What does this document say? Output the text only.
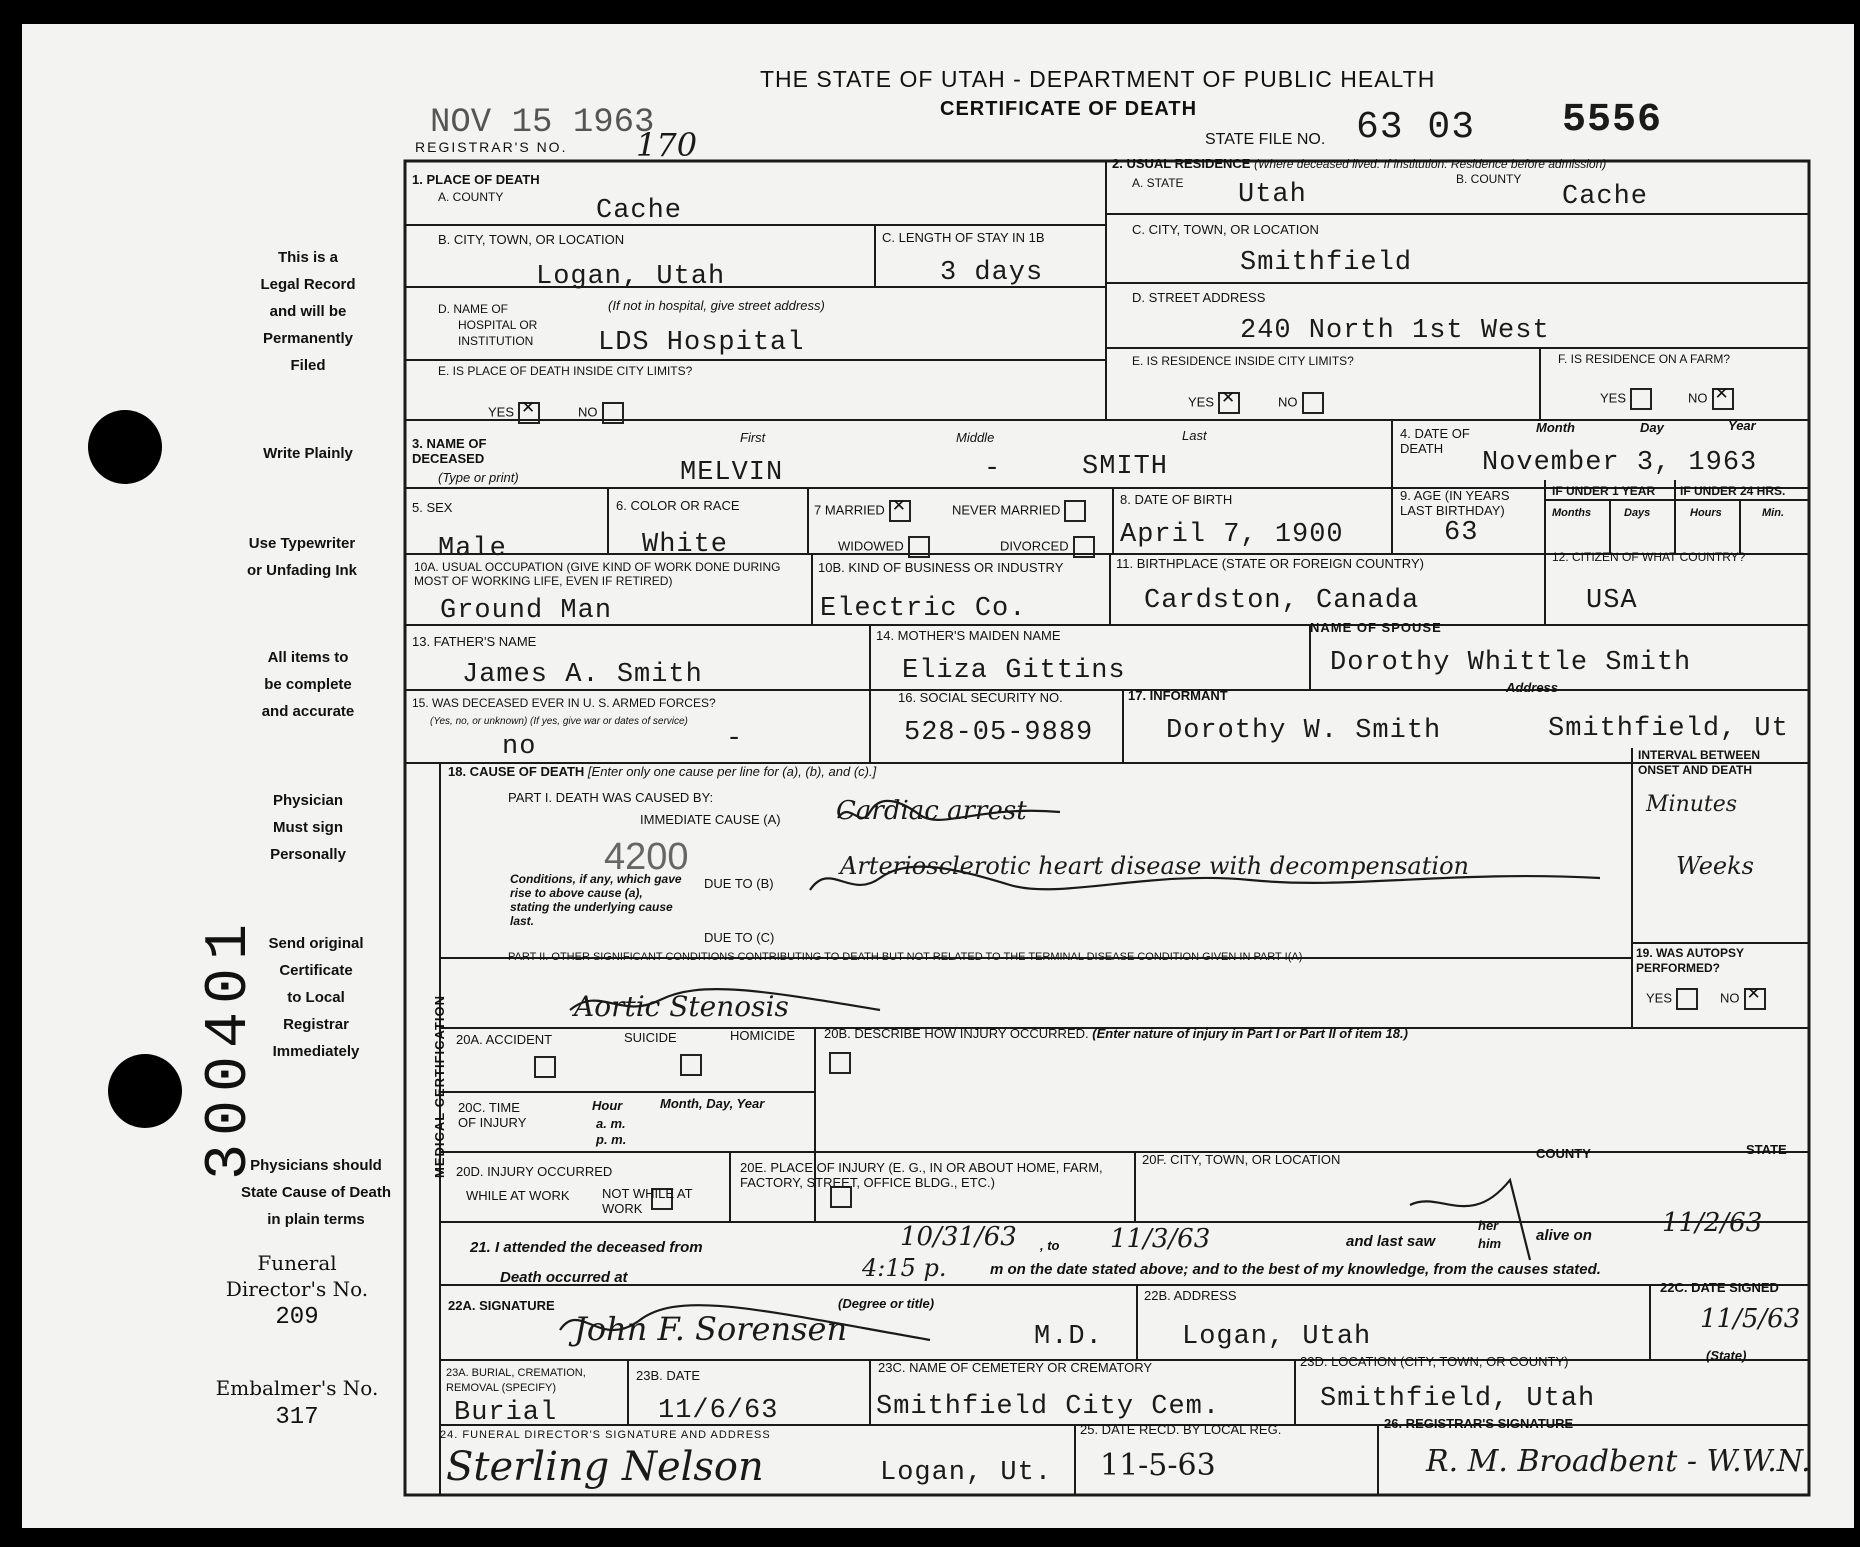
300401
THE STATE OF UTAH - DEPARTMENT OF PUBLIC HEALTH
CERTIFICATE OF DEATH
NOV 15 1963
REGISTRAR'S NO. 170	STATE FILE NO. 63 03 5556
This is a
Legal Record
and will be
Permanently
Filed
Write Plainly
Use Typewriter
or Unfading Ink
All items to
be complete
and accurate
Physician
Must sign
Personally
Send original
Certificate
to Local
Registrar
Immediately
Physicians should
State Cause of Death
in plain terms
Funeral
Director's No.
209
Embalmer's No.
317
1. PLACE OF DEATH
A. COUNTY	Cache
B. CITY, TOWN, OR LOCATION
Logan, Utah
C. LENGTH OF STAY IN 1B
3 days
D. NAME OF
HOSPITAL OR
INSTITUTION
(If not in hospital, give street address)
LDS Hospital
E. IS PLACE OF DEATH INSIDE CITY LIMITS?
YES ✕	NO
2. USUAL RESIDENCE (Where deceased lived. If institution: Residence before admission)
A. STATE Utah
B. COUNTY
Cache
C. CITY, TOWN, OR LOCATION
Smithfield
D. STREET ADDRESS
240 North 1st West
E. IS RESIDENCE INSIDE CITY LIMITS?
YES ✕	NO
F. IS RESIDENCE ON A FARM?
YES	NO✕
3. NAME OF DECEASED
(Type or print)
First	Middle	Last
MELVIN	-	SMITH
4. DATE OF DEATH
Month	Day	Year
November 3, 1963
5. SEX
Male
6. COLOR OR RACE
White
7 MARRIED ✕	NEVER MARRIED
WIDOWED	DIVORCED
8. DATE OF BIRTH
April 7, 1900
9. AGE (IN YEARS LAST BIRTHDAY)
63
IF UNDER 1 YEAR IF UNDER 24 HRS.
Months	Days	Hours	Min.
10A. USUAL OCCUPATION (GIVE KIND OF WORK DONE DURING MOST OF WORKING LIFE, EVEN IF RETIRED)
Ground Man
10B. KIND OF BUSINESS OR INDUSTRY
Electric Co.
11. BIRTHPLACE (STATE OR FOREIGN COUNTRY)
Cardston, Canada
12. CITIZEN OF WHAT COUNTRY?
USA
13. FATHER'S NAME
James A. Smith
14. MOTHER'S MAIDEN NAME
Eliza Gittins
NAME OF SPOUSE
Dorothy Whittle Smith
15. WAS DECEASED EVER IN U. S. ARMED FORCES?
(Yes, no, or unknown) (If yes, give war or dates of service)
no	-
16. SOCIAL SECURITY NO.
528-05-9889
17. INFORMANT
Address
Dorothy W. Smith	Smithfield, Ut
MEDICAL CERTIFICATION
18. CAUSE OF DEATH [Enter only one cause per line for (a), (b), and (c).]
PART I. DEATH WAS CAUSED BY:
IMMEDIATE CAUSE (A) Cardiac arrest
4200
Conditions, if any, which gave rise to above cause (a), stating the underlying cause last.
DUE TO (B)
Arteriosclerotic heart disease with decompensation
DUE TO (C)
PART II. OTHER SIGNIFICANT CONDITIONS CONTRIBUTING TO DEATH BUT NOT RELATED TO THE TERMINAL DISEASE CONDITION GIVEN IN PART I(A)
Aortic Stenosis
INTERVAL BETWEEN ONSET AND DEATH
Minutes
Weeks
19. WAS AUTOPSY PERFORMED?
YES	NO✕
20A. ACCIDENT	SUICIDE	HOMICIDE
20B. DESCRIBE HOW INJURY OCCURRED. (Enter nature of injury in Part I or Part II of item 18.)
20C. TIME OF INJURY
Hour
a. m.
p. m.
Month, Day, Year
20D. INJURY OCCURRED
WHILE AT WORK
	NOT WHILE AT WORK
20E. PLACE OF INJURY (E. G., IN OR ABOUT HOME, FARM, FACTORY, STREET, OFFICE BLDG., ETC.)
20F. CITY, TOWN, OR LOCATION	COUNTY	STATE
21. I attended the deceased from	10/31/63 , to 11/3/63	and last saw
her
him alive on	11/2/63
Death occurred at	4:15 p.	m on the date stated above; and to the best of my knowledge, from the causes stated.
22A. SIGNATURE	(Degree or title)
John F. Sorensen	M.D.
22B. ADDRESS
Logan, Utah
22C. DATE SIGNED
11/5/63
(State)
23A. BURIAL, CREMATION, REMOVAL (SPECIFY)
Burial
23B. DATE
11/6/63
23C. NAME OF CEMETERY OR CREMATORY
Smithfield City Cem.
23D. LOCATION (CITY, TOWN, OR COUNTY)
Smithfield, Utah
24. FUNERAL DIRECTOR'S SIGNATURE AND ADDRESS
Sterling Nelson	Logan, Ut.
25. DATE RECD. BY LOCAL REG.
11-5-63
26. REGISTRAR'S SIGNATURE
R. M. Broadbent - W.W.N.
